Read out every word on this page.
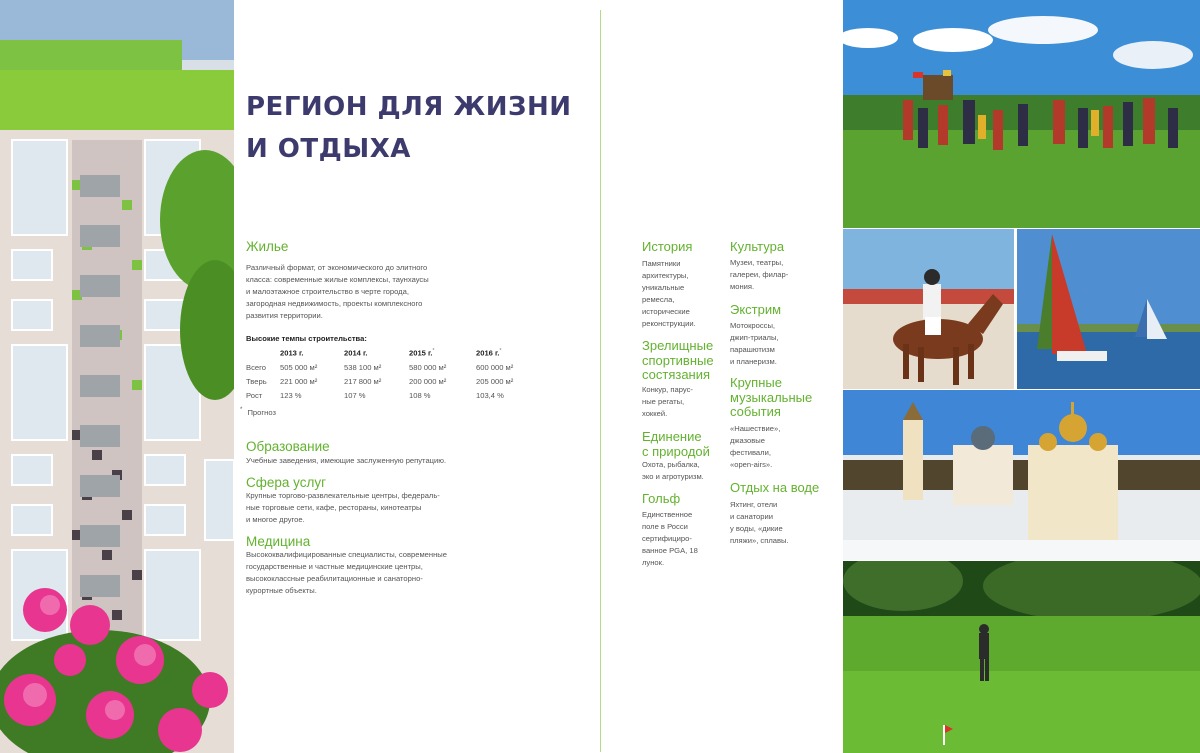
РЕГИОН ДЛЯ ЖИЗНИ
И ОТДЫХА
Жилье
Различный формат, от экономического до элитного
класса: современные жилые комплексы, таунхаусы
и малоэтажное строительство в черте города,
загородная недвижимость, проекты комплексного
развития территории.
Высокие темпы строительства:
2013 г.	2014 г.	2015 г.*	2016 г.*
Всего 505 000 м²	538 100 м²	580 000 м²	600 000 м²
Тверь 221 000 м²	217 800 м²	200 000 м²	205 000 м²
Рост 123 %	107 %	108 %	103,4 %
* Прогноз
Образование
Учебные заведения, имеющие заслуженную репутацию.
Сфера услуг
Крупные торгово-развлекательные центры, федераль-
ные торговые сети, кафе, рестораны, кинотеатры
и многое другое.
Медицина
Высококвалифицированные специалисты, современные
государственные и частные медицинские центры,
высококлассные реабилитационные и санаторно-
курортные объекты.
История
Памятники
архитектуры,
уникальные
ремесла,
исторические
реконструкции.
Зрелищные
спортивные
состязания
Конкур, парус-
ные регаты,
хоккей.
Единение
с природой
Охота, рыбалка,
эко и агротуризм.
Гольф
Единственное
поле в Росси
сертифициро-
ванное PGA, 18
лунок.
Культура
Музеи, театры,
галереи, филар-
мония.
Экстрим
Мотокроссы,
джип-триалы,
парашютизм
и планеризм.
Крупные
музыкальные
события
«Нашествие»,
джазовые
фестивали,
«open-airs».
Отдых на воде
Яхтинг, отели
и санатории
у воды, «дикие
пляжи», сплавы.
